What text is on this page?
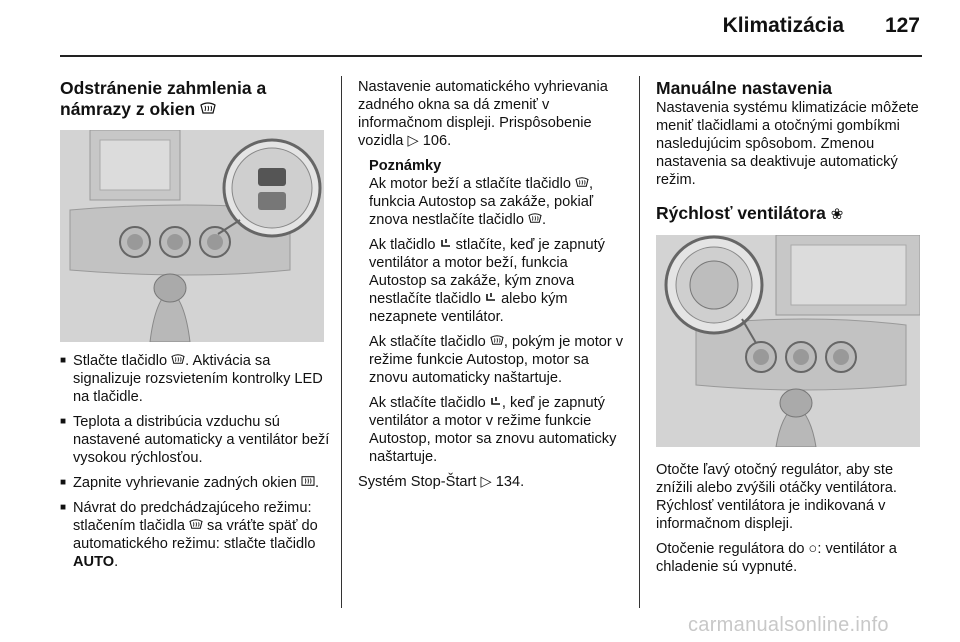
Klimatizácia 127
Odstránenie zahmlenia a
námrazy z okien
■ Stlačte tlačidlo . Aktivácia sa signalizuje rozsvietením kontrolky LED na tlačidle.
■ Teplota a distribúcia vzduchu sú nastavené automaticky a ventilátor beží vysokou rýchlosťou.
■ Zapnite vyhrievanie zadných okien .
■ Návrat do predchádzajúceho režimu: stlačením tlačidla  sa vráťte späť do automatického režimu: stlačte tlačidlo AUTO.

Nastavenie automatického vyhrievania zadného okna sa dá zmeniť v informačnom displeji. Prispôsobenie vozidla ▷ 106.

Poznámky

Ak motor beží a stlačíte tlačidlo , funkcia Autostop sa zakáže, pokiaľ znova nestlačíte tlačidlo .

Ak tlačidlo  stlačíte, keď je zapnutý ventilátor a motor beží, funkcia Autostop sa zakáže, kým znova nestlačíte tlačidlo  alebo kým nezapnete ventilátor.

Ak stlačíte tlačidlo , pokým je motor v režime funkcie Autostop, motor sa znovu automaticky naštartuje.

Ak stlačíte tlačidlo , keď je zapnutý ventilátor a motor v režime funkcie Autostop, motor sa znovu automaticky naštartuje.

Systém Stop-Štart ▷ 134.

Manuálne nastavenia

Nastavenia systému klimatizácie môžete meniť tlačidlami a otočnými gombíkmi nasledujúcim spôsobom. Zmenou nastavenia sa deaktivuje automatický režim.

Rýchlosť ventilátora ❀

Otočte ľavý otočný regulátor, aby ste znížili alebo zvýšili otáčky ventilátora. Rýchlosť ventilátora je indikovaná v informačnom displeji.

Otočenie regulátora do ○: ventilátor a chladenie sú vypnuté.

carmanualsonline.info
